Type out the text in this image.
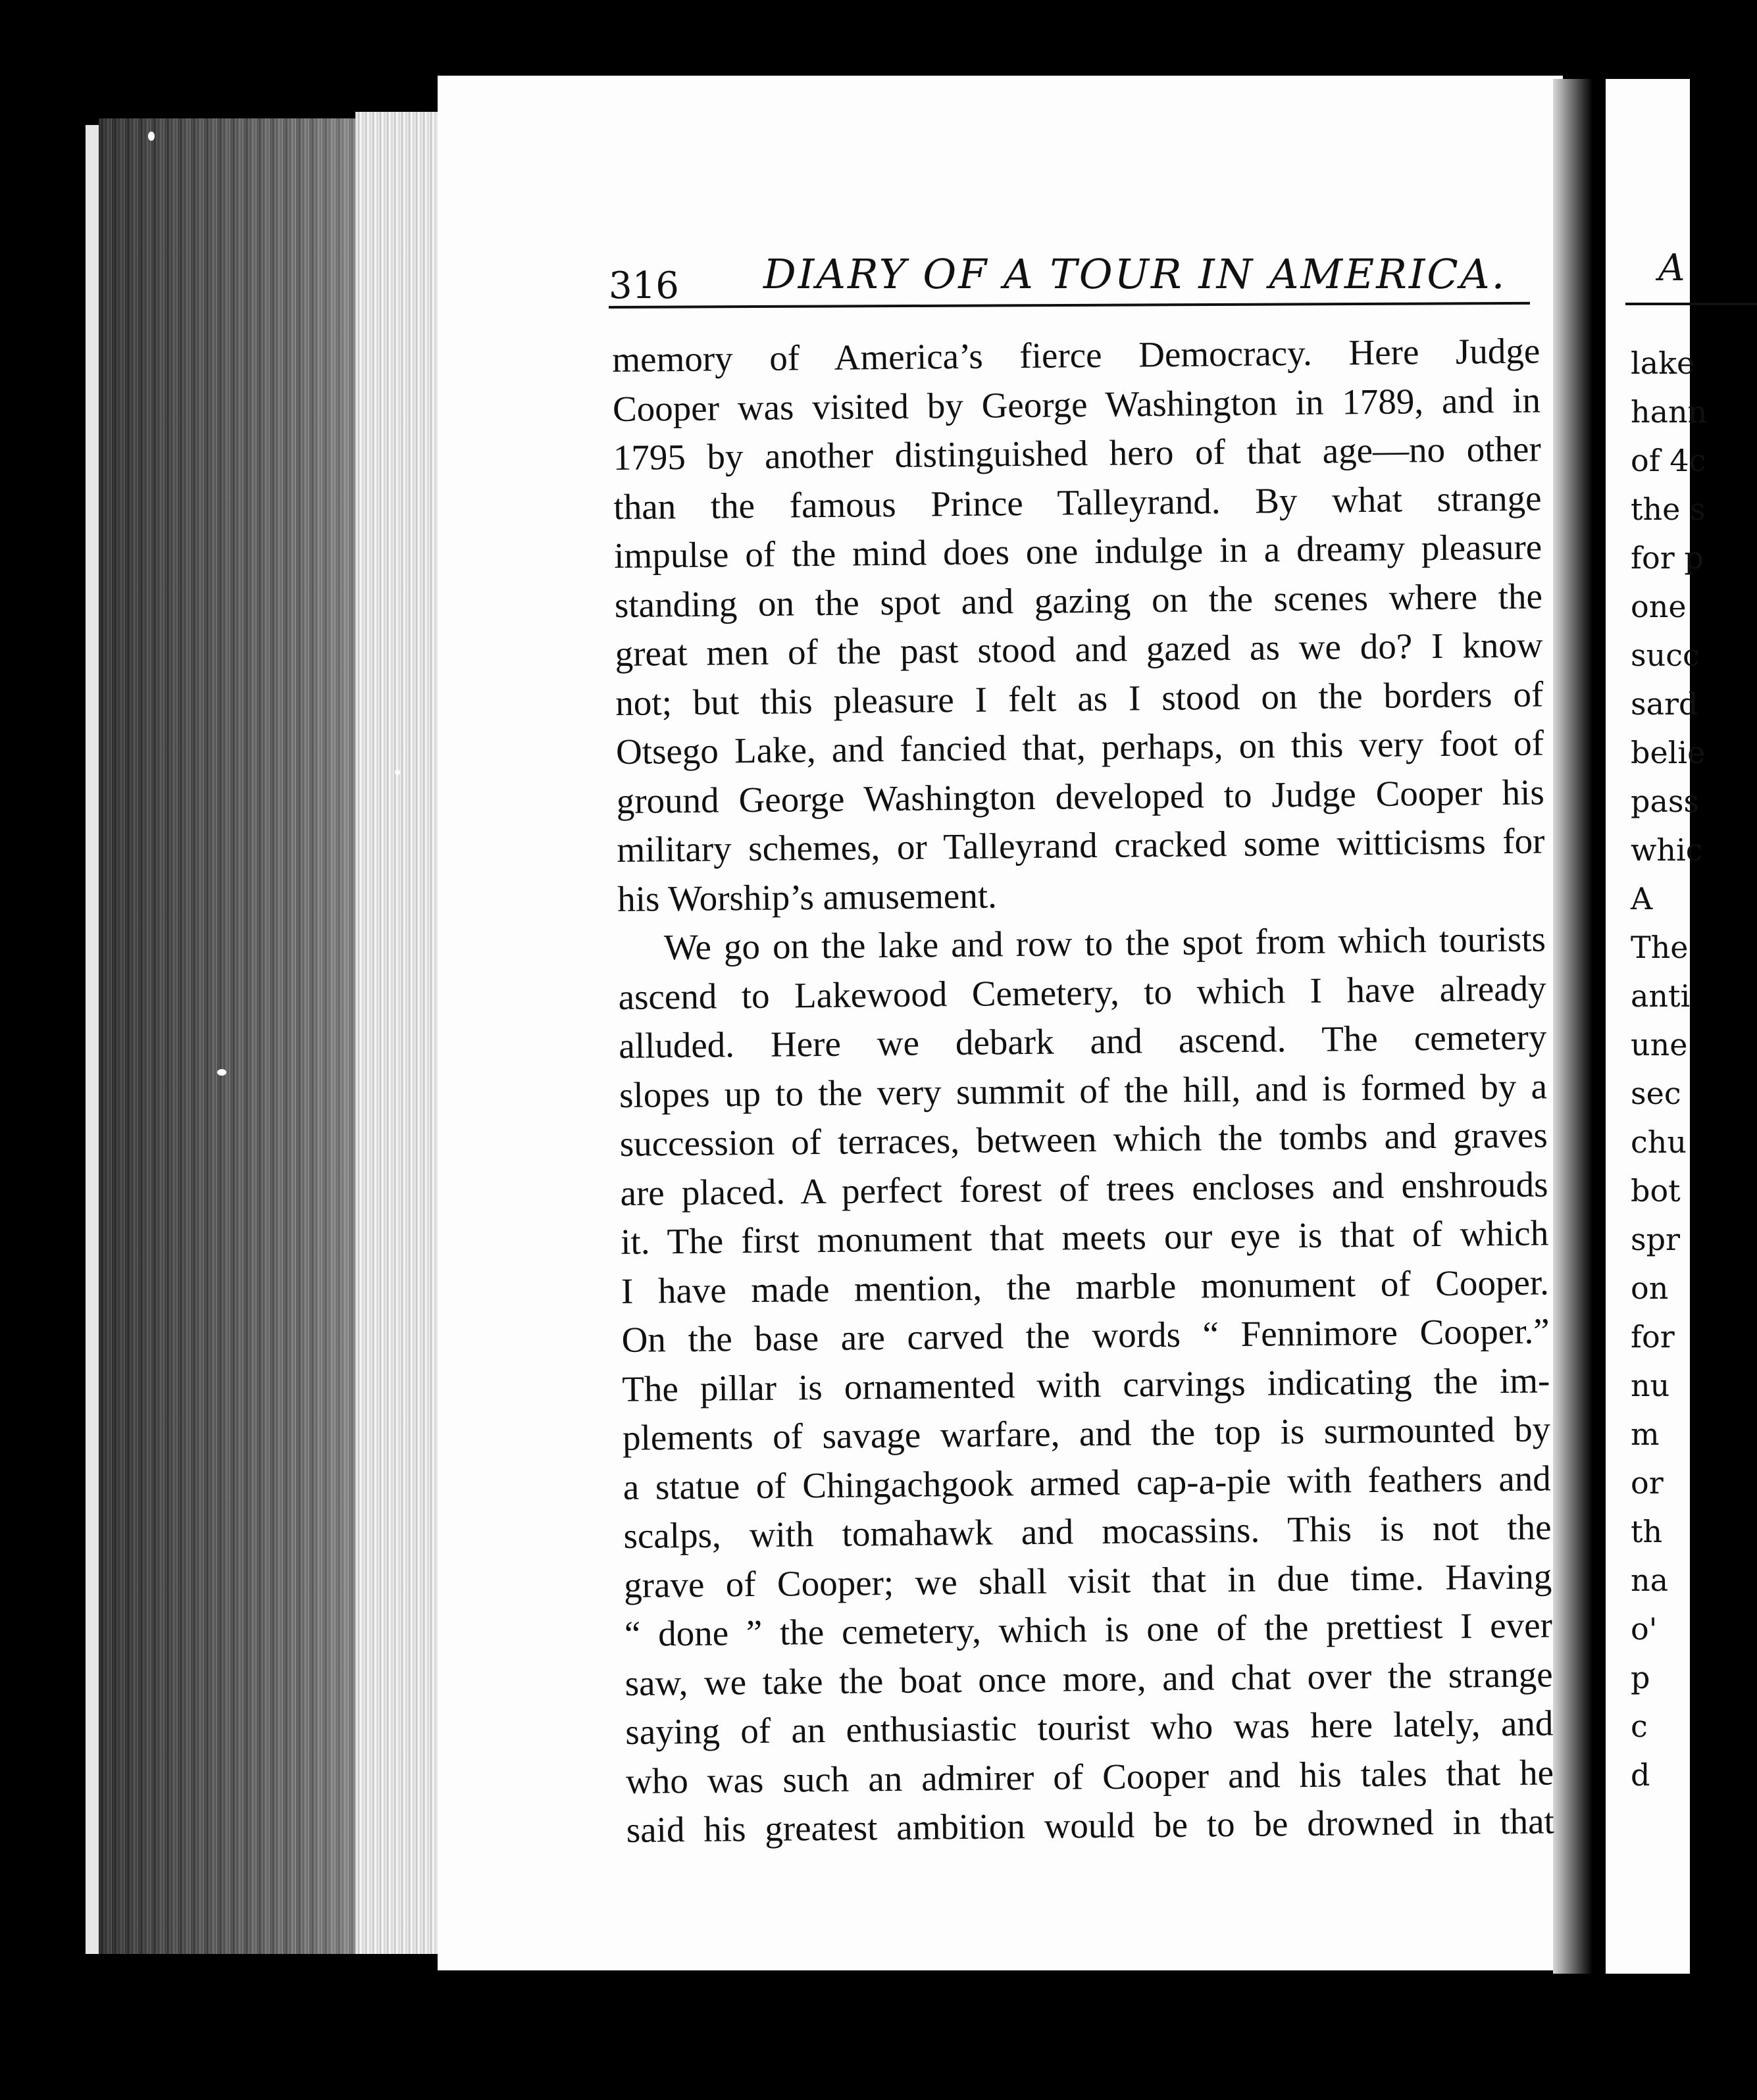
A
lake
hann
of 4c
the s
for p
one
succ
sard
belie
pass
whic
A
The
anti
une
sec
chu
bot
spr
on
for
nu
m
or
th
na
o'
p
c
d
316 DIARY OF A TOUR IN AMERICA.
memory of America’s fierce Democracy. Here Judge
Cooper was visited by George Washington in 1789, and in
1795 by another distinguished hero of that age—no other
than the famous Prince Talleyrand. By what strange
impulse of the mind does one indulge in a dreamy pleasure
standing on the spot and gazing on the scenes where the
great men of the past stood and gazed as we do? I know
not; but this pleasure I felt as I stood on the borders of
Otsego Lake, and fancied that, perhaps, on this very foot of
ground George Washington developed to Judge Cooper his
military schemes, or Talleyrand cracked some witticisms for
his Worship’s amusement.
We go on the lake and row to the spot from which tourists
ascend to Lakewood Cemetery, to which I have already
alluded. Here we debark and ascend. The cemetery
slopes up to the very summit of the hill, and is formed by a
succession of terraces, between which the tombs and graves
are placed. A perfect forest of trees encloses and enshrouds
it. The first monument that meets our eye is that of which
I have made mention, the marble monument of Cooper.
On the base are carved the words “ Fennimore Cooper.”
The pillar is ornamented with carvings indicating the im-
plements of savage warfare, and the top is surmounted by
a statue of Chingachgook armed cap-a-pie with feathers and
scalps, with tomahawk and mocassins. This is not the
grave of Cooper; we shall visit that in due time. Having
“ done ” the cemetery, which is one of the prettiest I ever
saw, we take the boat once more, and chat over the strange
saying of an enthusiastic tourist who was here lately, and
who was such an admirer of Cooper and his tales that he
said his greatest ambition would be to be drowned in that
